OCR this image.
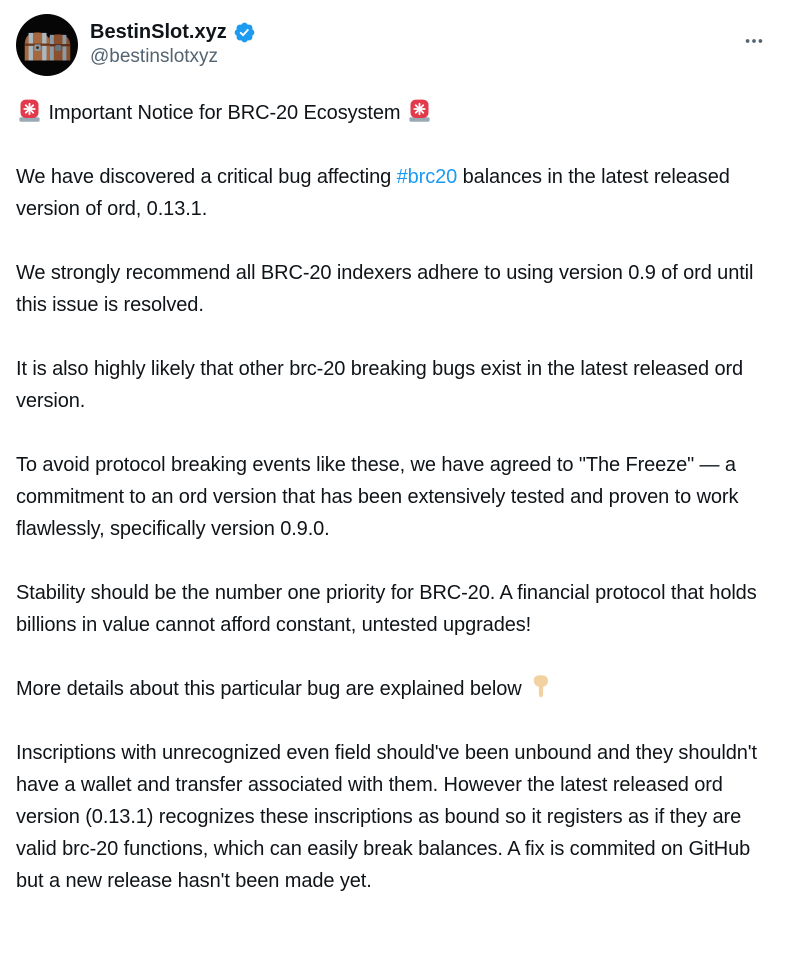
BestinSlot.xyz
@bestinslotxyz

Important Notice for BRC-20 Ecosystem

We have discovered a critical bug affecting #brc20 balances in the latest released version of ord, 0.13.1.

We strongly recommend all BRC-20 indexers adhere to using version 0.9 of ord until this issue is resolved.

It is also highly likely that other brc-20 breaking bugs exist in the latest released ord version.

To avoid protocol breaking events like these, we have agreed to "The Freeze" — a commitment to an ord version that has been extensively tested and proven to work flawlessly, specifically version 0.9.0.

Stability should be the number one priority for BRC-20. A financial protocol that holds billions in value cannot afford constant, untested upgrades!

More details about this particular bug are explained below

Inscriptions with unrecognized even field should've been unbound and they shouldn't have a wallet and transfer associated with them. However the latest released ord version (0.13.1) recognizes these inscriptions as bound so it registers as if they are valid brc-20 functions, which can easily break balances. A fix is commited on GitHub but a new release hasn't been made yet.
